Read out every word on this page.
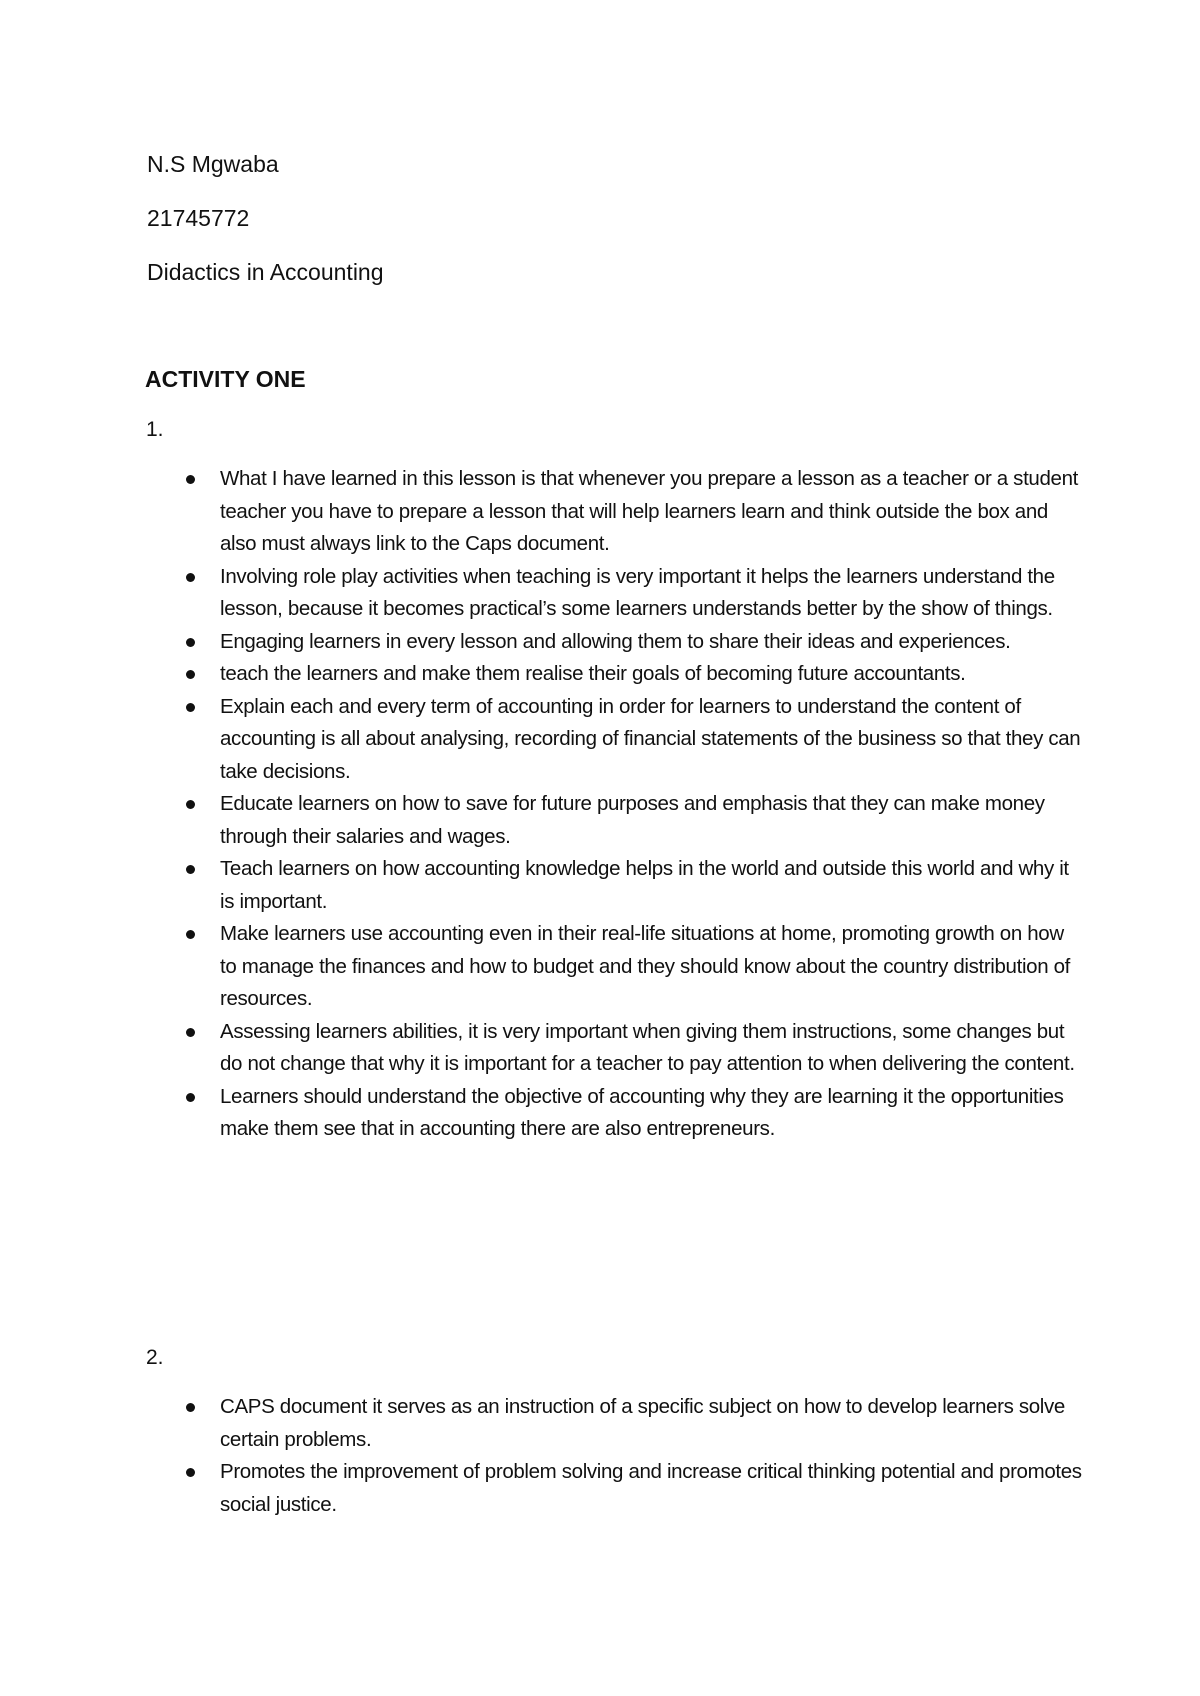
N.S Mgwaba
21745772
Didactics in Accounting
ACTIVITY ONE
1.
What I have learned in this lesson is that whenever you prepare a lesson as a teacher or a student teacher you have to prepare a lesson that will help learners learn and think outside the box and also must always link to the Caps document.
Involving role play activities when teaching is very important it helps the learners understand the lesson, because it becomes practical’s some learners understands better by the show of things.
Engaging learners in every lesson and allowing them to share their ideas and experiences.
teach the learners and make them realise their goals of becoming future accountants.
Explain each and every term of accounting in order for learners to understand the content of accounting is all about analysing, recording of financial statements of the business so that they can take decisions.
Educate learners on how to save for future purposes and emphasis that they can make money through their salaries and wages.
Teach learners on how accounting knowledge helps in the world and outside this world and why it is important.
Make learners use accounting even in their real-life situations at home, promoting growth on how to manage the finances and how to budget and they should know about the country distribution of resources.
Assessing learners abilities, it is very important when giving them instructions, some changes but do not change that why it is important for a teacher to pay attention to when delivering the content.
Learners should understand the objective of accounting why they are learning it the opportunities make them see that in accounting there are also entrepreneurs.
2.
CAPS document it serves as an instruction of a specific subject on how to develop learners solve certain problems.
Promotes the improvement of problem solving and increase critical thinking potential and promotes social justice.
